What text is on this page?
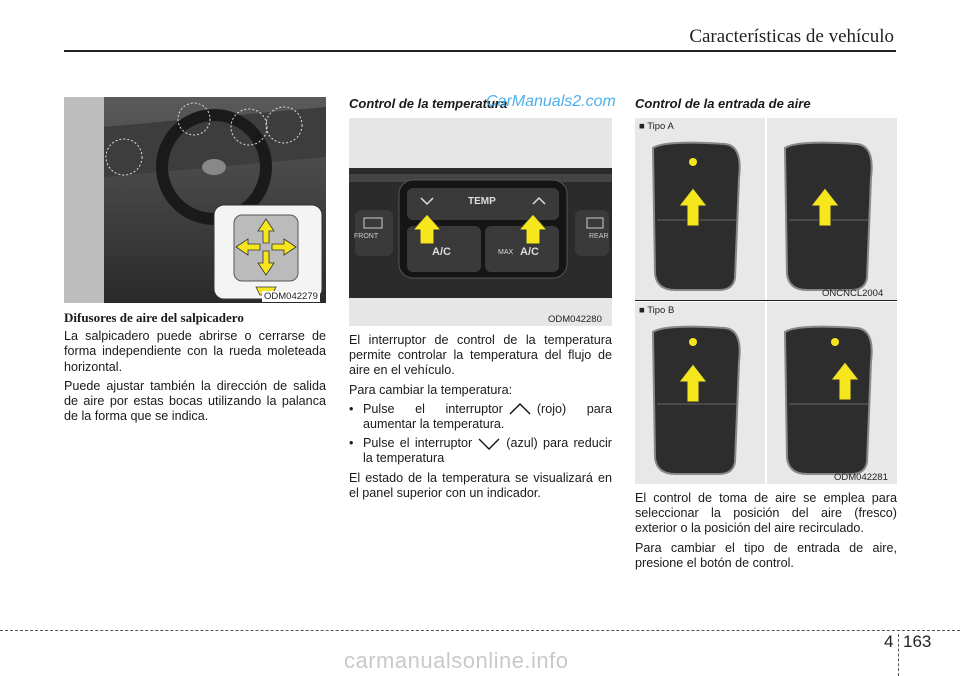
Características de vehículo
ODM042279

Difusores de aire del salpicadero

La salpicadero puede abrirse o cerrarse de forma independiente con la rueda moleteada horizontal.

Puede ajustar también la dirección de salida de aire por estas bocas utilizando la palanca de la forma que se indica.

Control de la temperatura
CarManuals2.com
TEMP
A/C	MAX A/C
FRONT	REAR
ODM042280

El interruptor de control de la temperatura permite controlar la temperatura del flujo de aire en el vehículo.

Para cambiar la temperatura:

• Pulse el interruptor	(rojo) para aumentar la temperatura.
• Pulse el interruptor	(azul) para reducir la temperatura

El estado de la temperatura se visualizará en el panel superior con un indicador.

Control de la entrada de aire
■ Tipo A
ONCNCL2004
■ Tipo B
ODM042281

El control de toma de aire se emplea para seleccionar la posición del aire (fresco) exterior o la posición del aire recirculado.

Para cambiar el tipo de entrada de aire, presione el botón de control.

4 163
carmanualsonline.info
